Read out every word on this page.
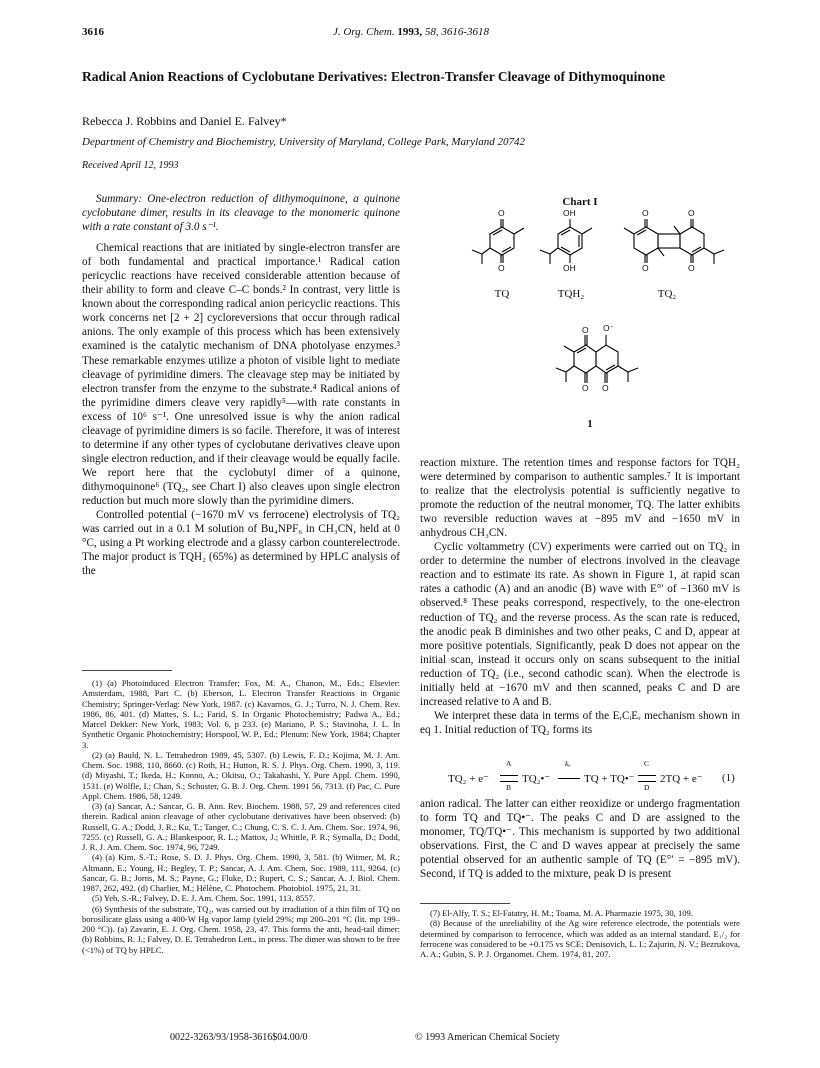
3616	J. Org. Chem. 1993, 58, 3616-3618
Radical Anion Reactions of Cyclobutane Derivatives: Electron-Transfer Cleavage of Dithymoquinone
Rebecca J. Robbins and Daniel E. Falvey*
Department of Chemistry and Biochemistry, University of Maryland, College Park, Maryland 20742
Received April 12, 1993

Summary: One-electron reduction of dithymoquinone, a quinone cyclobutane dimer, results in its cleavage to the monomeric quinone with a rate constant of 3.0 s⁻¹.

Chemical reactions that are initiated by single-electron transfer are of both fundamental and practical importance.¹ Radical cation pericyclic reactions have received considerable attention because of their ability to form and cleave C–C bonds.² In contrast, very little is known about the corresponding radical anion pericyclic reactions. This work concerns net [2 + 2] cycloreversions that occur through radical anions. The only example of this process which has been extensively examined is the catalytic mechanism of DNA photolyase enzymes.³ These remarkable enzymes utilize a photon of visible light to mediate cleavage of pyrimidine dimers. The cleavage step may be initiated by electron transfer from the enzyme to the substrate.⁴ Radical anions of the pyrimidine dimers cleave very rapidly⁵—with rate constants in excess of 10⁶ s⁻¹. One unresolved issue is why the anion radical cleavage of pyrimidine dimers is so facile. Therefore, it was of interest to determine if any other types of cyclobutane derivatives cleave upon single electron reduction, and if their cleavage would be equally facile. We report here that the cyclobutyl dimer of a quinone, dithymoquinone⁶ (TQ₂, see Chart I) also cleaves upon single electron reduction but much more slowly than the pyrimidine dimers.

Controlled potential (−1670 mV vs ferrocene) electrolysis of TQ₂ was carried out in a 0.1 M solution of Bu₄NPF₆ in CH₃CN, held at 0 °C, using a Pt working electrode and a glassy carbon counterelectrode. The major product is TQH₂ (65%) as determined by HPLC analysis of the

(1) (a) Photoinduced Electron Transfer; Fox, M. A., Chanon, M., Eds.; Elsevier: Amsterdam, 1988, Part C. (b) Eberson, L. Electron Transfer Reactions in Organic Chemistry; Springer-Verlag: New York, 1987. (c) Kavarnos, G. J.; Turro, N. J. Chem. Rev. 1986, 86, 401. (d) Mattes, S. L.; Farid, S. In Organic Photochemistry; Padwa A., Ed.; Marcel Dekker: New York, 1983; Vol. 6, p 233. (e) Mariano, P. S.; Stavinoha, J. L. In Synthetic Organic Photochemistry; Horspool, W. P., Ed.; Plenum: New York, 1984; Chapter 3.

(2) (a) Bauld, N. L. Tetrahedron 1989, 45, 5307. (b) Lewis, F. D.; Kojima, M. J. Am. Chem. Soc. 1988, 110, 8660. (c) Roth, H.; Hutton, R. S. J. Phys. Org. Chem. 1990, 3, 119. (d) Miyashi, T.; Ikeda, H.; Konno, A.; Okitsu, O.; Takahashi, Y. Pure Appl. Chem. 1990, 1531. (e) Wölfle, I.; Chan, S.; Schuster, G. B. J. Org. Chem. 1991 56, 7313. (f) Pac, C. Pure Appl. Chem. 1986, 58, 1249.

(3) (a) Sancar, A.; Sancar, G. B. Ann. Rev. Biochem. 1988, 57, 29 and references cited therein. Radical anion cleavage of other cyclobutane derivatives have been observed: (b) Russell, G. A.; Dodd, J. R.; Ku, T.; Tanger, C.; Chung, C. S. C. J. Am. Chem. Soc. 1974, 96, 7255. (c) Russell, G. A.; Blankespoor, R. L.; Mattox, J.; Whittle, P. R.; Symalla, D.; Dodd, J. R. J. Am. Chem. Soc. 1974, 96, 7249.

(4) (a) Kim, S.-T.; Rose, S. D. J. Phys. Org. Chem. 1990, 3, 581. (b) Witmer, M. R.; Altmann, E.; Young, H.; Begley, T. P.; Sancar, A. J. Am. Chem. Soc. 1989, 111, 9264. (c) Sancar, G. B.; Jorns, M. S.; Payne, G.; Fluke, D.; Rupert, C. S.; Sancar, A. J. Biol. Chem. 1987, 262, 492. (d) Charlier, M.; Hélène, C. Photochem. Photobiol. 1975, 21, 31.

(5) Yeh, S.-R.; Falvey, D. E. J. Am. Chem. Soc. 1991, 113, 8557.

(6) Synthesis of the substrate, TQ₂, was carried out by irradiation of a thin film of TQ on borosilicate glass using a 400-W Hg vapor lamp (yield 29%; mp 200–201 °C (lit. mp 199–200 °C)). (a) Zavarin, E. J. Org. Chem. 1958, 23, 47. This forms the anti, head-tail dimer: (b) Robbins, R. J.; Falvey, D. E. Tetrahedron Lett., in press. The dimer was shown to be free (<1%) of TQ by HPLC.

Chart I
O
O
OH
OH
O	O
O	O
TQ	TQH₂	TQ₂
O O⁻
O O
1

reaction mixture. The retention times and response factors for TQH₂ were determined by comparison to authentic samples.⁷ It is important to realize that the electrolysis potential is sufficiently negative to promote the reduction of the neutral monomer, TQ. The latter exhibits two reversible reduction waves at −895 mV and −1650 mV in anhydrous CH₃CN.

Cyclic voltammetry (CV) experiments were carried out on TQ₂ in order to determine the number of electrons involved in the cleavage reaction and to estimate its rate. As shown in Figure 1, at rapid scan rates a cathodic (A) and an anodic (B) wave with E°′ of −1360 mV is observed.⁸ These peaks correspond, respectively, to the one-electron reduction of TQ₂ and the reverse process. As the scan rate is reduced, the anodic peak B diminishes and two other peaks, C and D, appear at more positive potentials. Significantly, peak D does not appear on the initial scan, instead it occurs only on scans subsequent to the initial reduction of TQ₂ (i.e., second cathodic scan). When the electrode is initially held at −1670 mV and then scanned, peaks C and D are increased relative to A and B.

We interpret these data in terms of the EᵣCᵢEᵣ mechanism shown in eq 1. Initial reduction of TQ₂ forms its

TQ₂ + e⁻
A
B
TQ₂•⁻
kₐ
TQ + TQ•⁻
C
D
2TQ + e⁻ (1)

anion radical. The latter can either reoxidize or undergo fragmentation to form TQ and TQ•⁻. The peaks C and D are assigned to the monomer, TQ/TQ•⁻. This mechanism is supported by two additional observations. First, the C and D waves appear at precisely the same potential observed for an authentic sample of TQ (E°′ = −895 mV). Second, if TQ is added to the mixture, peak D is present

(7) El-Alfy, T. S.; El-Fatatry, H. M.; Toama, M. A. Pharmazie 1975, 30, 109.

(8) Because of the unreliability of the Ag wire reference electrode, the potentials were determined by comparison to ferrocence, which was added as an internal standard. E₁/₂ for ferrocene was considered to be +0.175 vs SCE: Denisovich, L. I.; Zajurin, N. V.; Bezrukova, A. A.; Gubin, S. P. J. Organomet. Chem. 1974, 81, 207.

0022-3263/93/1958-3616$04.00/0	© 1993 American Chemical Society
